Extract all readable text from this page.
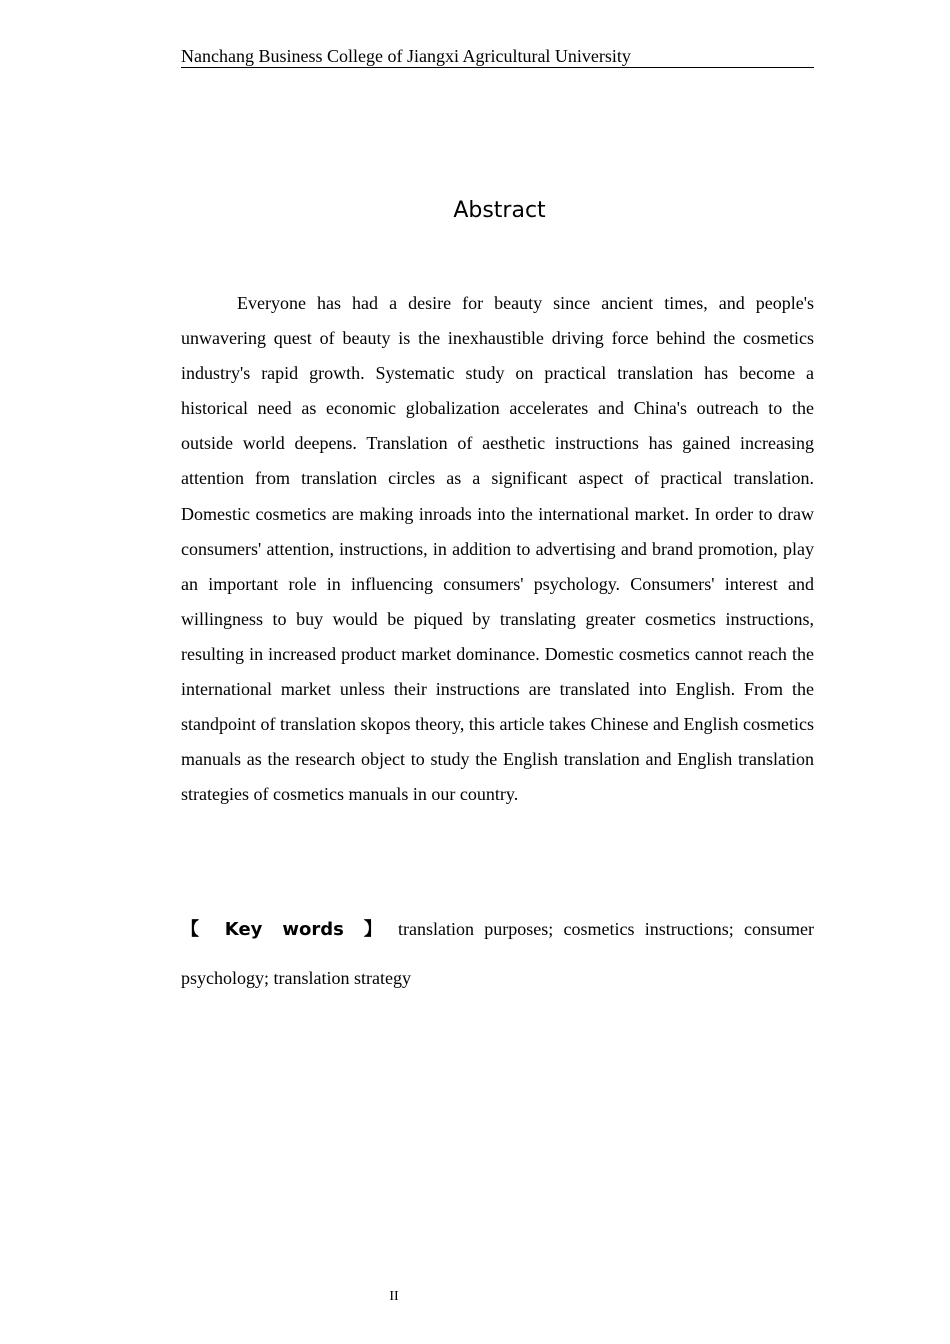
Nanchang Business College of Jiangxi Agricultural University
Abstract

Everyone has had a desire for beauty since ancient times, and people's unwavering quest of beauty is the inexhaustible driving force behind the cosmetics industry's rapid growth. Systematic study on practical translation has become a historical need as economic globalization accelerates and China's outreach to the outside world deepens. Translation of aesthetic instructions has gained increasing attention from translation circles as a significant aspect of practical translation. Domestic cosmetics are making inroads into the international market. In order to draw consumers' attention, instructions, in addition to advertising and brand promotion, play an important role in influencing consumers' psychology. Consumers' interest and willingness to buy would be piqued by translating greater cosmetics instructions, resulting in increased product market dominance. Domestic cosmetics cannot reach the international market unless their instructions are translated into English. From the standpoint of translation skopos theory, this article takes Chinese and English cosmetics manuals as the research object to study the English translation and English translation strategies of cosmetics manuals in our country.

【 Key words 】 translation purposes; cosmetics instructions; consumer psychology; translation strategy

II
